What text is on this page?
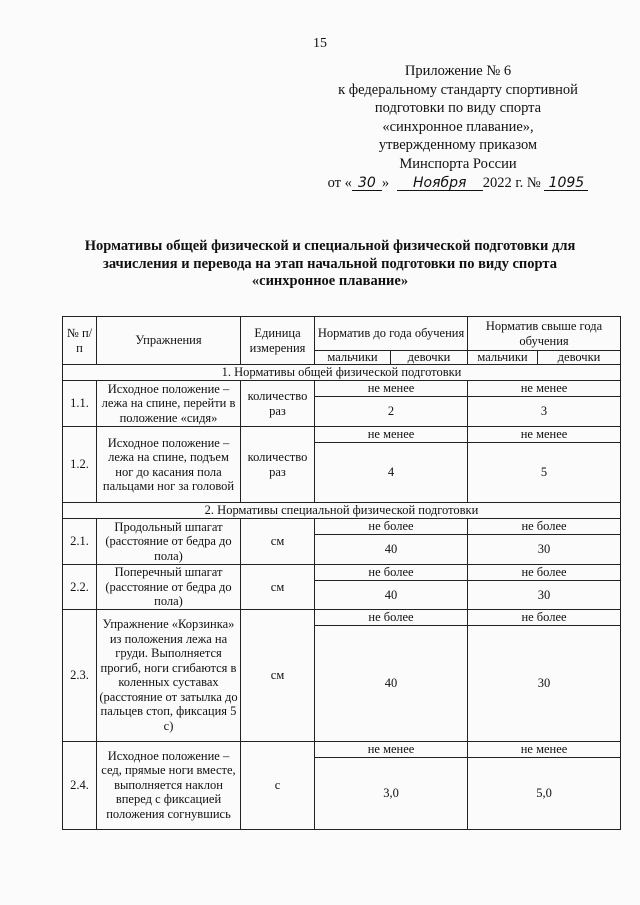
15
Приложение № 6
к федеральному стандарту спортивной
подготовки по виду спорта
«синхронное плавание»,
утвержденному приказом
Минспорта России
от « 30 » Ноября 2022 г. № 1095
Нормативы общей физической и специальной физической подготовки для
зачисления и перевода на этап начальной подготовки по виду спорта
«синхронное плавание»
№ п/п	Упражнения	Единица измерения	Норматив до года обучения		Норматив свыше года обучения	
			мальчики	девочки	мальчики	девочки
1. Нормативы общей физической подготовки						
1.1.	Исходное положение – лежа на спине, перейти в положение «сидя»	количество раз	не менее		не менее	
			2		3	
1.2.	Исходное положение – лежа на спине, подъем ног до касания пола пальцами ног за головой	количество раз	не менее		не менее	
			4		5	
2. Нормативы специальной физической подготовки						
2.1.	Продольный шпагат (расстояние от бедра до пола)	см	не более		не более	
			40		30	
2.2.	Поперечный шпагат (расстояние от бедра до пола)	см	не более		не более	
			40		30	
2.3.	Упражнение «Корзинка» из положения лежа на груди. Выполняется прогиб, ноги сгибаются в коленных суставах (расстояние от затылка до пальцев стоп, фиксация 5 с)	см	не более		не более	
			40		30	
2.4.	Исходное положение – сед, прямые ноги вместе, выполняется наклон вперед с фиксацией положения согнувшись	с	не менее		не менее	
			3,0		5,0	
